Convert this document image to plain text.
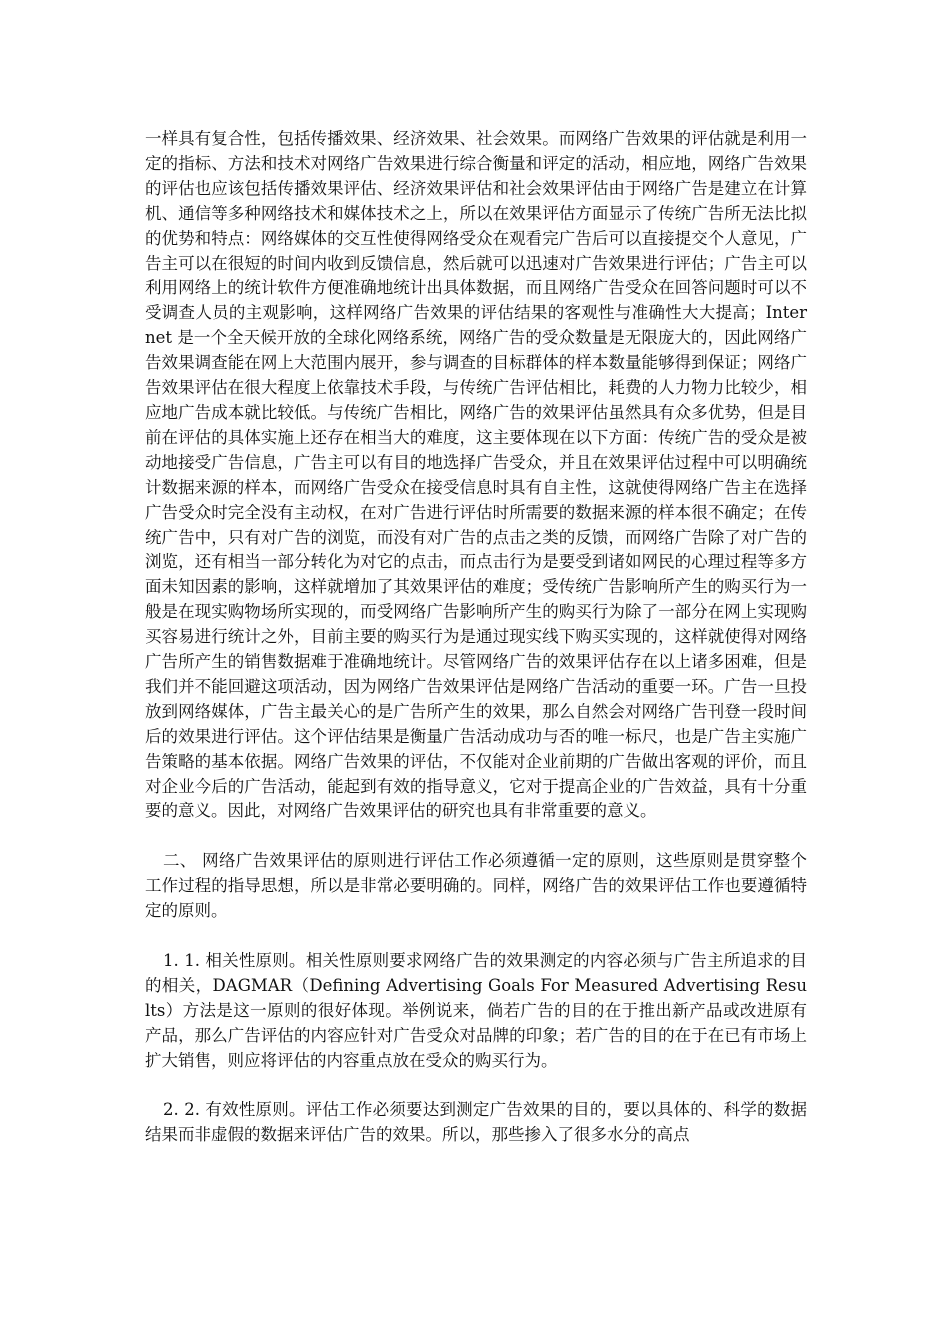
一样具有复合性，包括传播效果、经济效果、社会效果。而网络广告效果的评估就是利用一定的指标、方法和技术对网络广告效果进行综合衡量和评定的活动，相应地，网络广告效果的评估也应该包括传播效果评估、经济效果评估和社会效果评估由于网络广告是建立在计算机、通信等多种网络技术和媒体技术之上，所以在效果评估方面显示了传统广告所无法比拟的优势和特点：网络媒体的交互性使得网络受众在观看完广告后可以直接提交个人意见，广告主可以在很短的时间内收到反馈信息，然后就可以迅速对广告效果进行评估；广告主可以利用网络上的统计软件方便准确地统计出具体数据，而且网络广告受众在回答问题时可以不受调查人员的主观影响，这样网络广告效果的评估结果的客观性与准确性大大提高；Internet 是一个全天候开放的全球化网络系统，网络广告的受众数量是无限庞大的，因此网络广告效果调查能在网上大范围内展开，参与调查的目标群体的样本数量能够得到保证；网络广告效果评估在很大程度上依靠技术手段，与传统广告评估相比，耗费的人力物力比较少，相应地广告成本就比较低。与传统广告相比，网络广告的效果评估虽然具有众多优势，但是目前在评估的具体实施上还存在相当大的难度，这主要体现在以下方面：传统广告的受众是被动地接受广告信息，广告主可以有目的地选择广告受众，并且在效果评估过程中可以明确统计数据来源的样本，而网络广告受众在接受信息时具有自主性，这就使得网络广告主在选择广告受众时完全没有主动权，在对广告进行评估时所需要的数据来源的样本很不确定；在传统广告中，只有对广告的浏览，而没有对广告的点击之类的反馈，而网络广告除了对广告的浏览，还有相当一部分转化为对它的点击，而点击行为是要受到诸如网民的心理过程等多方面未知因素的影响，这样就增加了其效果评估的难度；受传统广告影响所产生的购买行为一般是在现实购物场所实现的，而受网络广告影响所产生的购买行为除了一部分在网上实现购买容易进行统计之外，目前主要的购买行为是通过现实线下购买实现的，这样就使得对网络广告所产生的销售数据难于准确地统计。尽管网络广告的效果评估存在以上诸多困难，但是我们并不能回避这项活动，因为网络广告效果评估是网络广告活动的重要一环。广告一旦投放到网络媒体，广告主最关心的是广告所产生的效果，那么自然会对网络广告刊登一段时间后的效果进行评估。这个评估结果是衡量广告活动成功与否的唯一标尺，也是广告主实施广告策略的基本依据。网络广告效果的评估，不仅能对企业前期的广告做出客观的评价，而且对企业今后的广告活动，能起到有效的指导意义，它对于提高企业的广告效益，具有十分重要的意义。因此，对网络广告效果评估的研究也具有非常重要的意义。

二、 网络广告效果评估的原则进行评估工作必须遵循一定的原则，这些原则是贯穿整个工作过程的指导思想，所以是非常必要明确的。同样，网络广告的效果评估工作也要遵循特定的原则。

1. 1. 相关性原则。相关性原则要求网络广告的效果测定的内容必须与广告主所追求的目的相关，DAGMAR（Defining Advertising Goals For Measured Advertising Results）方法是这一原则的很好体现。举例说来，倘若广告的目的在于推出新产品或改进原有产品，那么广告评估的内容应针对广告受众对品牌的印象；若广告的目的在于在已有市场上扩大销售，则应将评估的内容重点放在受众的购买行为。

2. 2. 有效性原则。评估工作必须要达到测定广告效果的目的，要以具体的、科学的数据结果而非虚假的数据来评估广告的效果。所以，那些掺入了很多水分的高点
